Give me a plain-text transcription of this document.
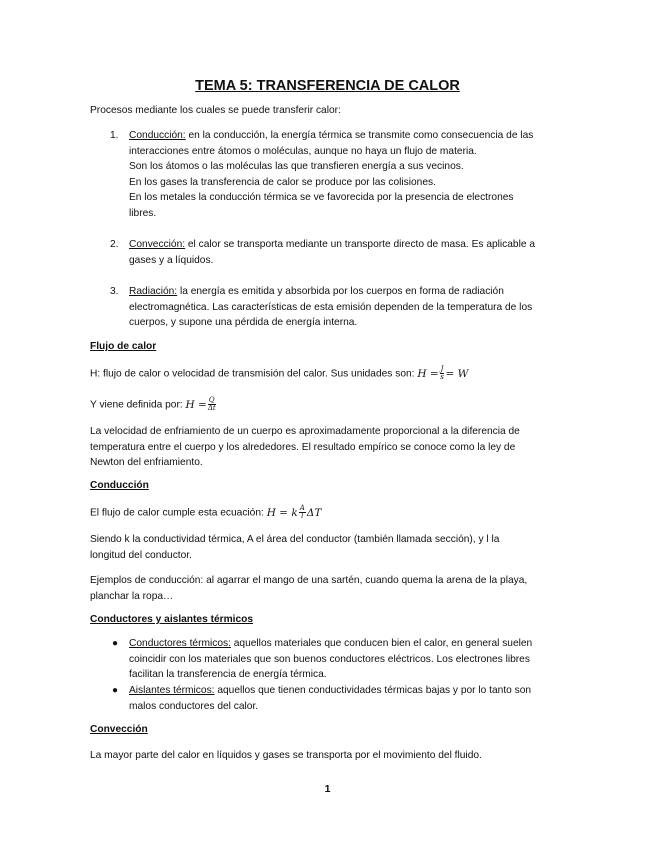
TEMA 5: TRANSFERENCIA DE CALOR

Procesos mediante los cuales se puede transferir calor:

1. Conducción: en la conducción, la energía térmica se transmite como consecuencia de las
interacciones entre átomos o moléculas, aunque no haya un flujo de materia.
Son los átomos o las moléculas las que transfieren energía a sus vecinos.
En los gases la transferencia de calor se produce por las colisiones.
En los metales la conducción térmica se ve favorecida por la presencia de electrones
libres.
2. Convección: el calor se transporta mediante un transporte directo de masa. Es aplicable a
gases y a líquidos.
3. Radiación: la energía es emitida y absorbida por los cuerpos en forma de radiación
electromagnética. Las características de esta emisión dependen de la temperatura de los
cuerpos, y supone una pérdida de energía interna.
Flujo de calor

H: flujo de calor o velocidad de transmisión del calor. Sus unidades son: $H = \frac{J}{s} = W$

Y viene definida por: $H = \frac{Q}{\Delta t}$

La velocidad de enfriamiento de un cuerpo es aproximadamente proporcional a la diferencia de
temperatura entre el cuerpo y los alrededores. El resultado empírico se conoce como la ley de
Newton del enfriamiento.
Conducción

El flujo de calor cumple esta ecuación: H = k $\frac{A}{l}$ ΔT

Siendo k la conductividad térmica, A el área del conductor (también llamada sección), y l la
longitud del conductor.
Ejemplos de conducción: al agarrar el mango de una sartén, cuando quema la arena de la playa,
planchar la ropa…
Conductores y aislantes térmicos
● Conductores térmicos: aquellos materiales que conducen bien el calor, en general suelen
coincidir con los materiales que son buenos conductores eléctricos. Los electrones libres
facilitan la transferencia de energía térmica.
● Aislantes térmicos: aquellos que tienen conductividades térmicas bajas y por lo tanto son
malos conductores del calor.
Convección

La mayor parte del calor en líquidos y gases se transporta por el movimiento del fluido.

1
